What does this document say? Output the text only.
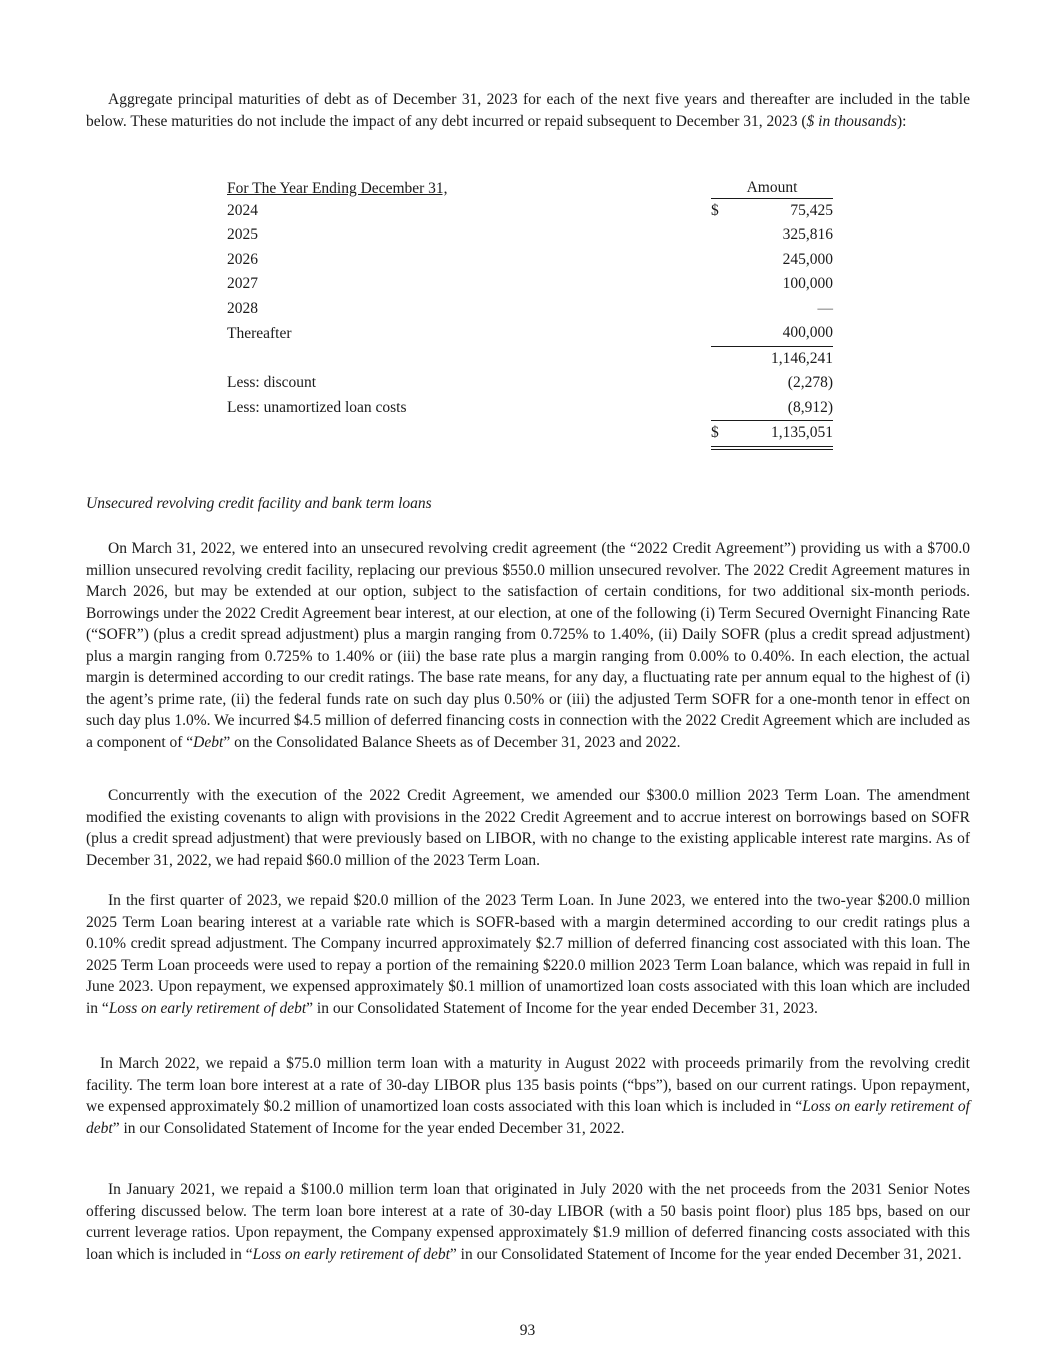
Aggregate principal maturities of debt as of December 31, 2023 for each of the next five years and thereafter are included in the table below. These maturities do not include the impact of any debt incurred or repaid subsequent to December 31, 2023 ($ in thousands):

For The Year Ending December 31,	Amount	
2024	$	75,425
2025		325,816
2026		245,000
2027		100,000
2028		—
Thereafter		400,000
		1,146,241
Less: discount		(2,278)
Less: unamortized loan costs		(8,912)
	$	1,135,051
Unsecured revolving credit facility and bank term loans

On March 31, 2022, we entered into an unsecured revolving credit agreement (the “2022 Credit Agreement”) providing us with a $700.0 million unsecured revolving credit facility, replacing our previous $550.0 million unsecured revolver. The 2022 Credit Agreement matures in March 2026, but may be extended at our option, subject to the satisfaction of certain conditions, for two additional six-month periods. Borrowings under the 2022 Credit Agreement bear interest, at our election, at one of the following (i) Term Secured Overnight Financing Rate (“SOFR”) (plus a credit spread adjustment) plus a margin ranging from 0.725% to 1.40%, (ii) Daily SOFR (plus a credit spread adjustment) plus a margin ranging from 0.725% to 1.40% or (iii) the base rate plus a margin ranging from 0.00% to 0.40%. In each election, the actual margin is determined according to our credit ratings. The base rate means, for any day, a fluctuating rate per annum equal to the highest of (i) the agent’s prime rate, (ii) the federal funds rate on such day plus 0.50% or (iii) the adjusted Term SOFR for a one-month tenor in effect on such day plus 1.0%. We incurred $4.5 million of deferred financing costs in connection with the 2022 Credit Agreement which are included as a component of “Debt” on the Consolidated Balance Sheets as of December 31, 2023 and 2022.

Concurrently with the execution of the 2022 Credit Agreement, we amended our $300.0 million 2023 Term Loan. The amendment modified the existing covenants to align with provisions in the 2022 Credit Agreement and to accrue interest on borrowings based on SOFR (plus a credit spread adjustment) that were previously based on LIBOR, with no change to the existing applicable interest rate margins. As of December 31, 2022, we had repaid $60.0 million of the 2023 Term Loan.

In the first quarter of 2023, we repaid $20.0 million of the 2023 Term Loan. In June 2023, we entered into the two-year $200.0 million 2025 Term Loan bearing interest at a variable rate which is SOFR-based with a margin determined according to our credit ratings plus a 0.10% credit spread adjustment. The Company incurred approximately $2.7 million of deferred financing cost associated with this loan. The 2025 Term Loan proceeds were used to repay a portion of the remaining $220.0 million 2023 Term Loan balance, which was repaid in full in June 2023. Upon repayment, we expensed approximately $0.1 million of unamortized loan costs associated with this loan which are included in “Loss on early retirement of debt” in our Consolidated Statement of Income for the year ended December 31, 2023.

In March 2022, we repaid a $75.0 million term loan with a maturity in August 2022 with proceeds primarily from the revolving credit facility. The term loan bore interest at a rate of 30-day LIBOR plus 135 basis points (“bps”), based on our current ratings. Upon repayment, we expensed approximately $0.2 million of unamortized loan costs associated with this loan which is included in “Loss on early retirement of debt” in our Consolidated Statement of Income for the year ended December 31, 2022.

In January 2021, we repaid a $100.0 million term loan that originated in July 2020 with the net proceeds from the 2031 Senior Notes offering discussed below. The term loan bore interest at a rate of 30-day LIBOR (with a 50 basis point floor) plus 185 bps, based on our current leverage ratios. Upon repayment, the Company expensed approximately $1.9 million of deferred financing costs associated with this loan which is included in “Loss on early retirement of debt” in our Consolidated Statement of Income for the year ended December 31, 2021.

93
